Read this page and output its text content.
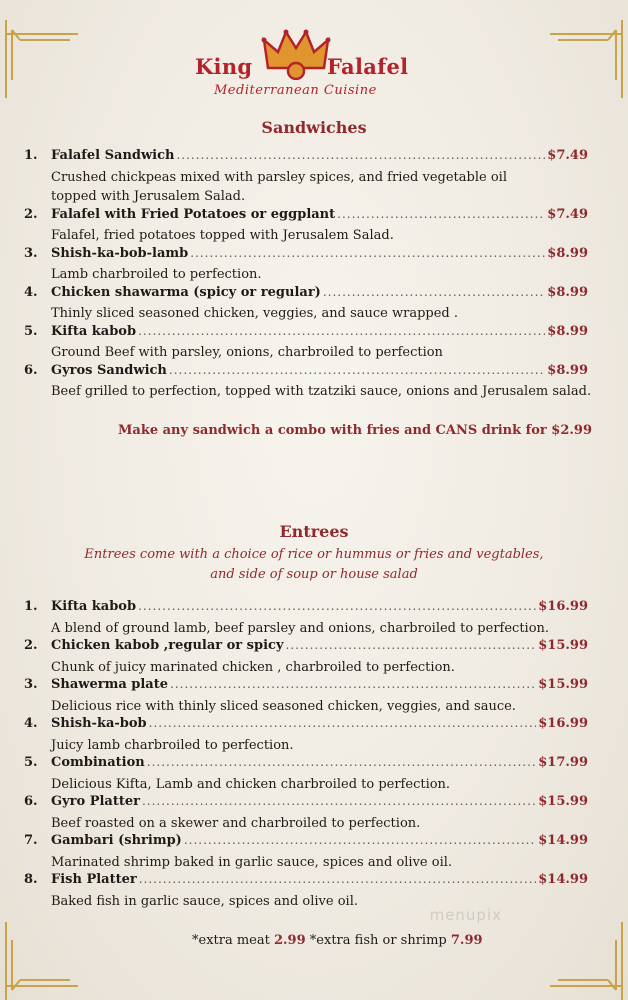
King	Falafel
Mediterranean Cuisine
Sandwiches
1.	Falafel Sandwich .....	$7.49
Crushed chickpeas mixed with parsley spices, and fried vegetable oil topped with Jerusalem Salad.
2.	Falafel with Fried Potatoes or eggplant .....	$7.49
Falafel, fried potatoes topped with Jerusalem Salad.
3.	Shish-ka-bob-lamb .....	$8.99
Lamb charbroiled to perfection.
4.	Chicken shawarma (spicy or regular) .....	$8.99
Thinly sliced seasoned chicken, veggies, and sauce wrapped .
5.	Kifta kabob .....	$8.99
Ground Beef with parsley, onions, charbroiled to perfection
6.	Gyros Sandwich .....	$8.99
Beef grilled to perfection, topped with tzatziki sauce, onions and Jerusalem salad.
Make any sandwich a combo with fries and CANS drink for $2.99
Entrees
Entrees come with a choice of rice or hummus or fries and vegtables,
and side of soup or house salad
1.	Kifta kabob .....	$16.99
A blend of ground lamb, beef parsley and onions, charbroiled to perfection.
2.	Chicken kabob ,regular or spicy .....	$15.99
Chunk of juicy marinated chicken , charbroiled to perfection.
3.	Shawerma plate .....	$15.99
Delicious rice with thinly sliced seasoned chicken, veggies, and sauce.
4.	Shish-ka-bob .....	$16.99
Juicy lamb charbroiled to perfection.
5.	Combination .....	$17.99
Delicious Kifta, Lamb and chicken charbroiled to perfection.
6.	Gyro Platter .....	$15.99
Beef roasted on a skewer and charbroiled to perfection.
7.	Gambari (shrimp) .....	$14.99
Marinated shrimp baked in garlic sauce, spices and olive oil.
8.	Fish Platter .....	$14.99
Baked fish in garlic sauce, spices and olive oil.
menupix
*extra meat 2.99 *extra fish or shrimp 7.99
